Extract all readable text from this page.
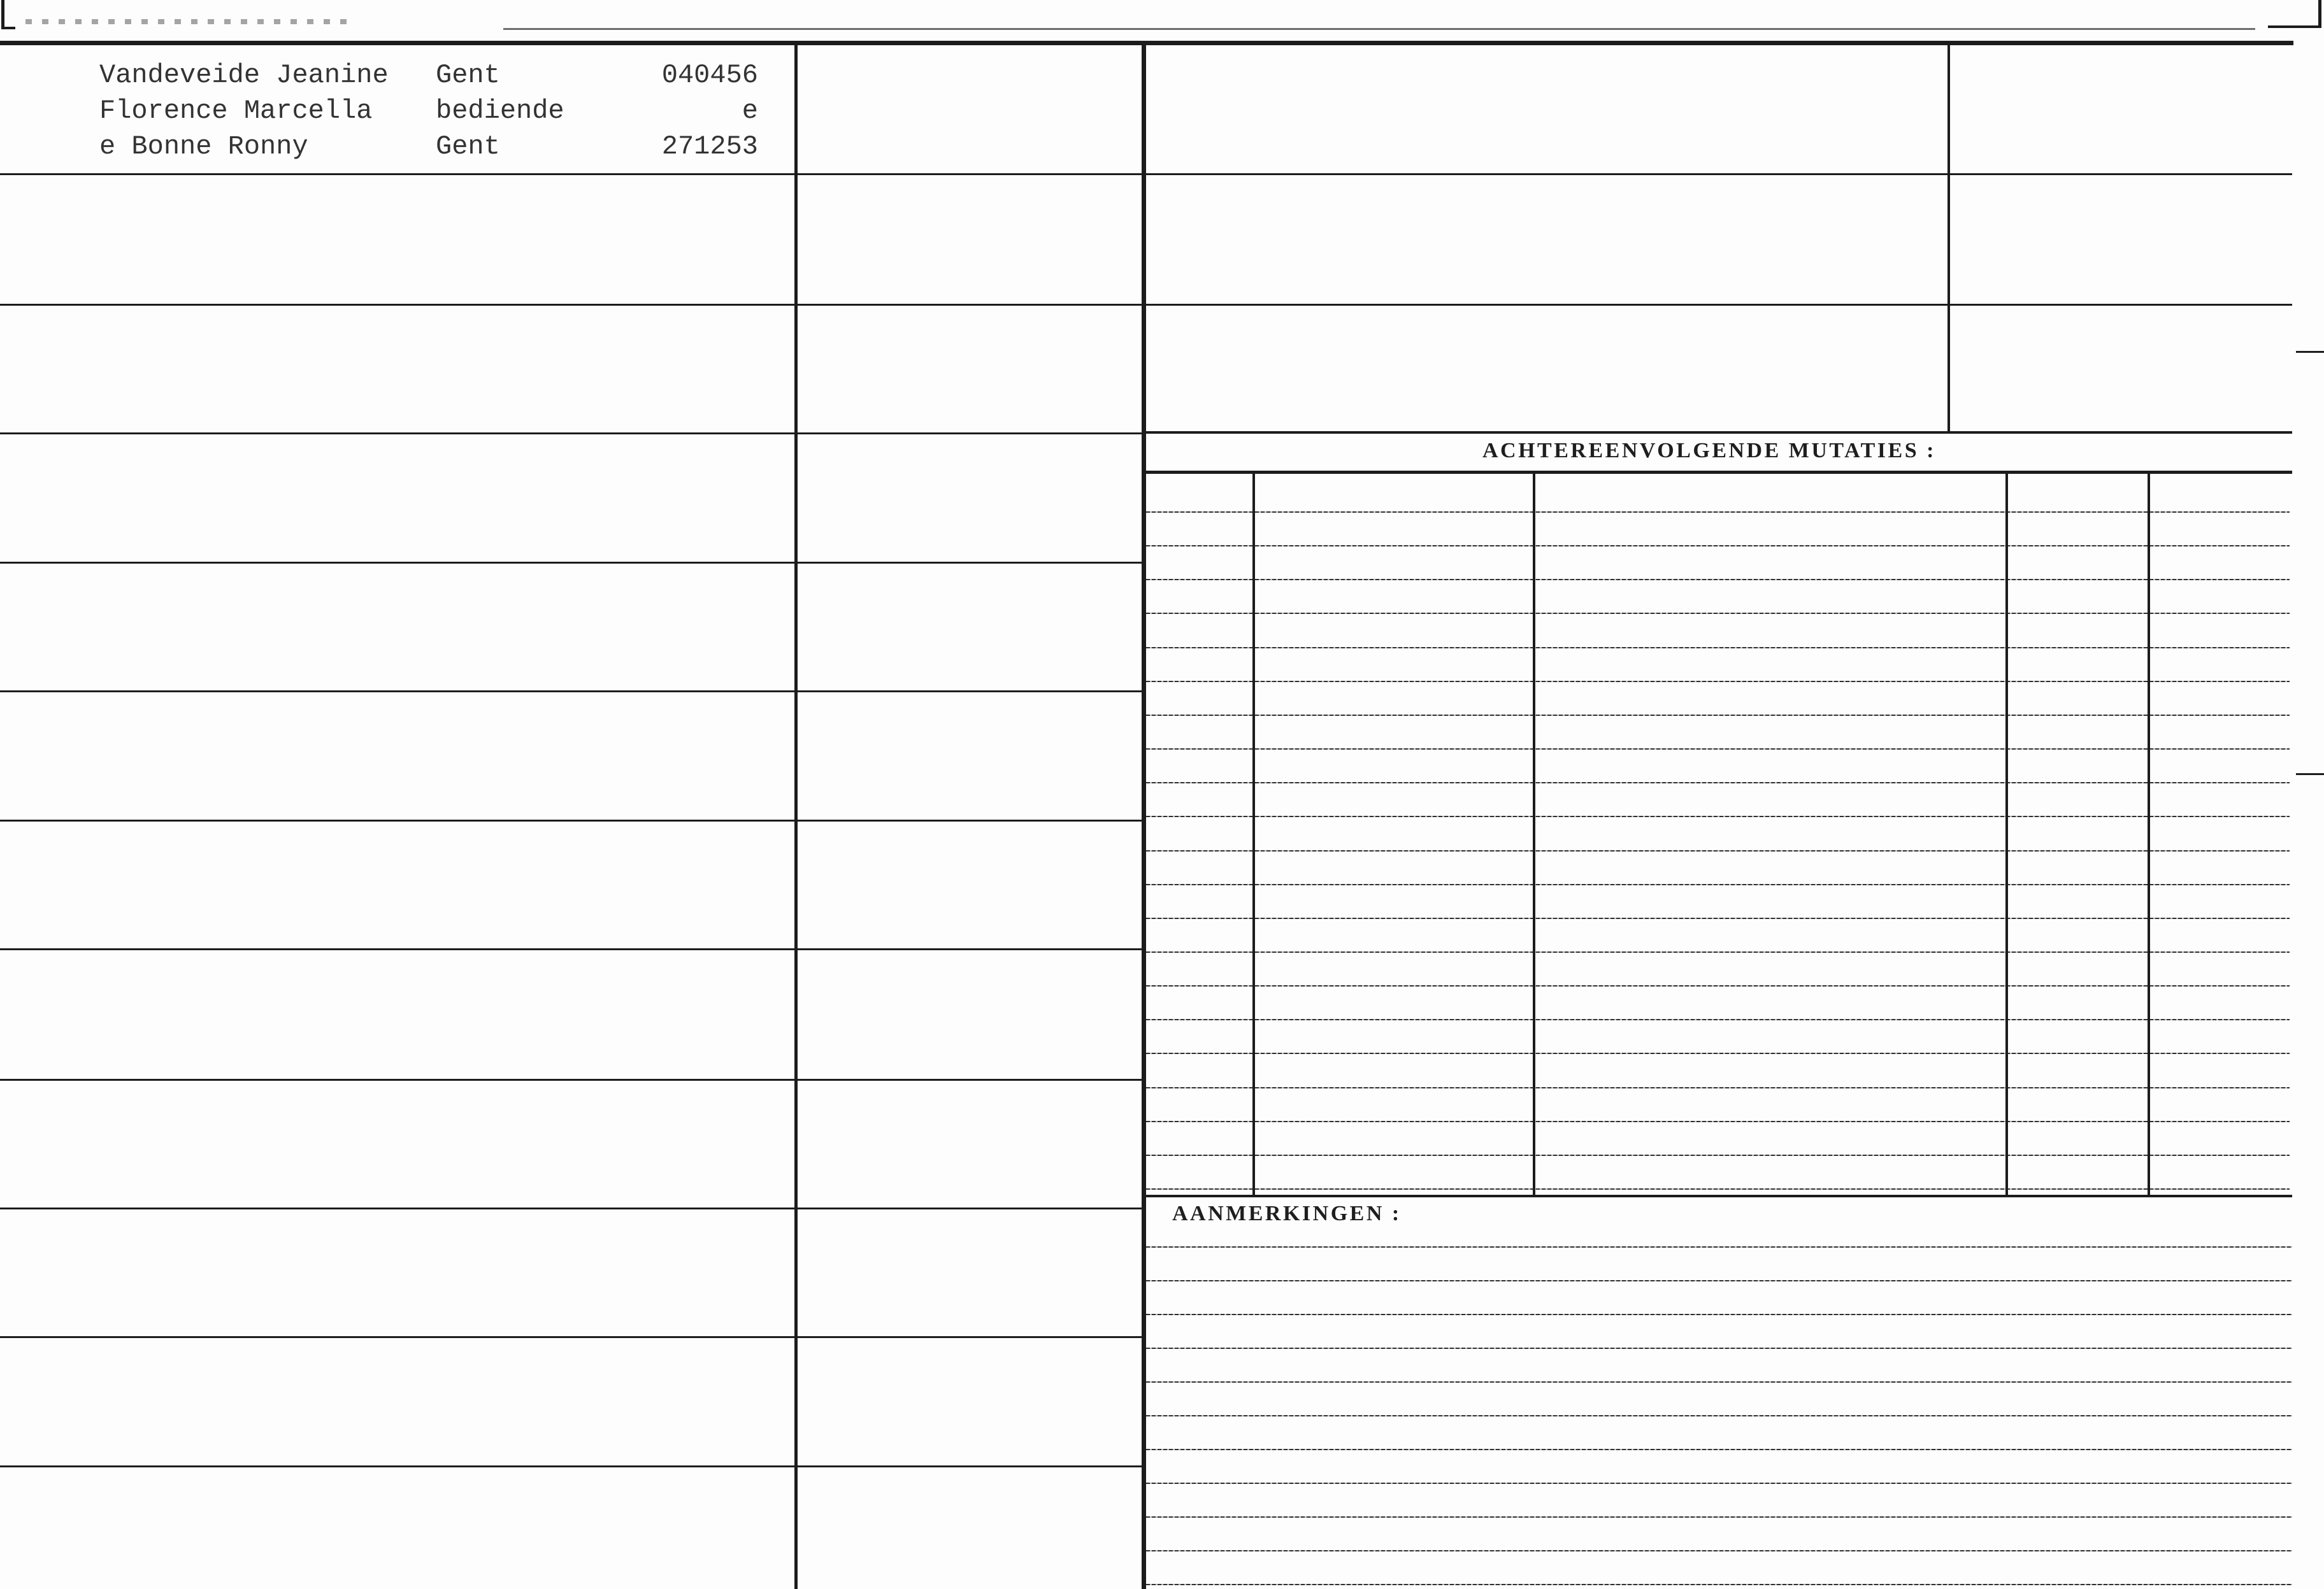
Vandeveide Jeanine
Florence Marcella
e Bonne Ronny
Gent
bediende
Gent
040456
e
271253
ACHTEREENVOLGENDE MUTATIES :
AANMERKINGEN :
